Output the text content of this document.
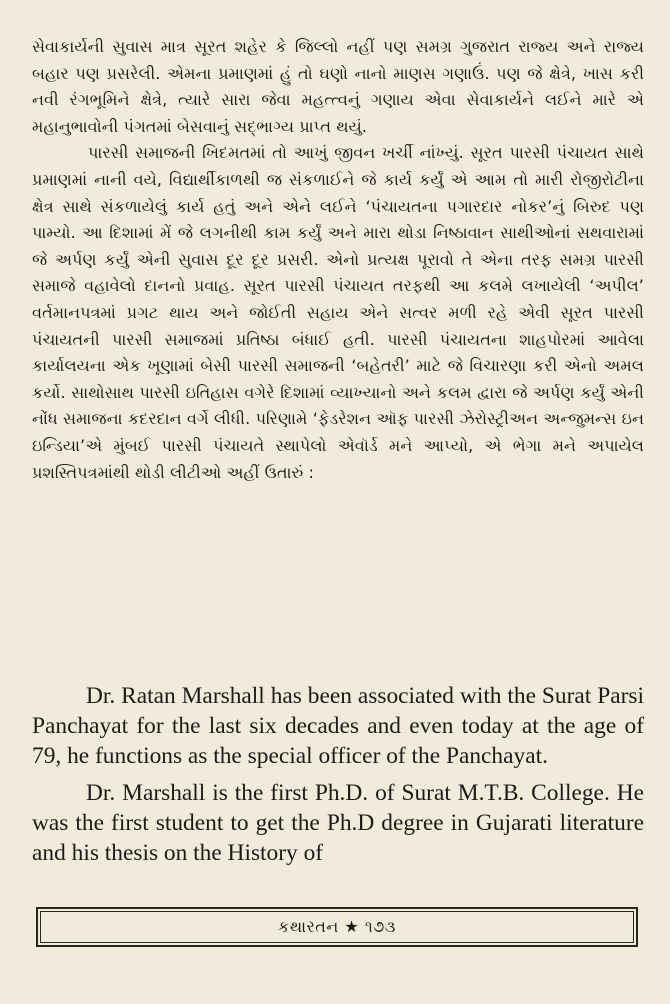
સેવાકાર્યની સુવાસ માત્ર સૂરત શહેર કે જિલ્લો નહીં પણ સમગ્ર ગુજરાત રાજ્ય અને રાજ્ય બહાર પણ પ્રસરેલી. એમના પ્રમાણમાં હું તો ઘણો નાનો માણસ ગણાઉં. પણ જે ક્ષેત્રે, ખાસ કરી નવી રંગભૂમિને ક્ષેત્રે, ત્યારે સારા જેવા મહત્ત્વનું ગણાય એવા સેવાકાર્યને લઈને મારે એ મહાનુભાવોની પંગતમાં બેસવાનું સદ્ભાગ્ય પ્રાપ્ત થયું.

પારસી સમાજની ખિદમતમાં તો આખું જીવન ખર્ચી નાંખ્યું. સૂરત પારસી પંચાયત સાથે પ્રમાણમાં નાની વયે, વિદ્યાર્થીકાળથી જ સંકળાઈને જે કાર્ય કર્યું એ આમ તો મારી રોજીરોટીના ક્ષેત્ર સાથે સંકળાયેલું કાર્ય હતું અને એને લઈને ‘પંચાયતના પગારદાર નોકર’નું બિરુદ પણ પામ્યો. આ દિશામાં મેં જે લગનીથી કામ કર્યું અને મારા થોડા નિષ્ઠાવાન સાથીઓનાં સથવારામાં જે અર્પણ કર્યું એની સુવાસ દૂર દૂર પ્રસરી. એનો પ્રત્યક્ષ પૂરાવો તે એના તરફ સમગ્ર પારસી સમાજે વહાવેલો દાનનો પ્રવાહ. સૂરત પારસી પંચાયત તરફથી આ કલમે લખાયેલી ‘અપીલ’ વર્તમાનપત્રમાં પ્રગટ થાય અને જોઈતી સહાય એને સત્વર મળી રહે એવી સૂરત પારસી પંચાયતની પારસી સમાજમાં પ્રતિષ્ઠા બંધાઈ હતી. પારસી પંચાયતના શાહપોરમાં આવેલા કાર્યાલયના એક ખૂણામાં બેસી પારસી સમાજની ‘બહેતરી’ માટે જે વિચારણા કરી એનો અમલ કર્યો. સાથોસાથ પારસી ઇતિહાસ વગેરે દિશામાં વ્યાખ્યાનો અને કલમ દ્વારા જે અર્પણ કર્યું એની નોંધ સમાજના કદરદાન વર્ગે લીધી. પરિણામે ‘ફેડરેશન ઑફ પારસી ઝેરોસ્ટ્રીઅન અન્જુમન્સ ઇન ઇન્ડિયા’એ મુંબઈ પારસી પંચાયતે સ્થાપેલો એવૉર્ડ મને આપ્યો, એ ભેગા મને અપાયેલ પ્રશસ્તિપત્રમાંથી થોડી લીટીઓ અહીં ઉતારું :

Dr. Ratan Marshall has been associated with the Surat Parsi Panchayat for the last six decades and even today at the age of 79, he functions as the special officer of the Panchayat.

Dr. Marshall is the first Ph.D. of Surat M.T.B. College. He was the first student to get the Ph.D degree in Gujarati literature and his thesis on the History of

કથારતન ★ ૧૭૩
